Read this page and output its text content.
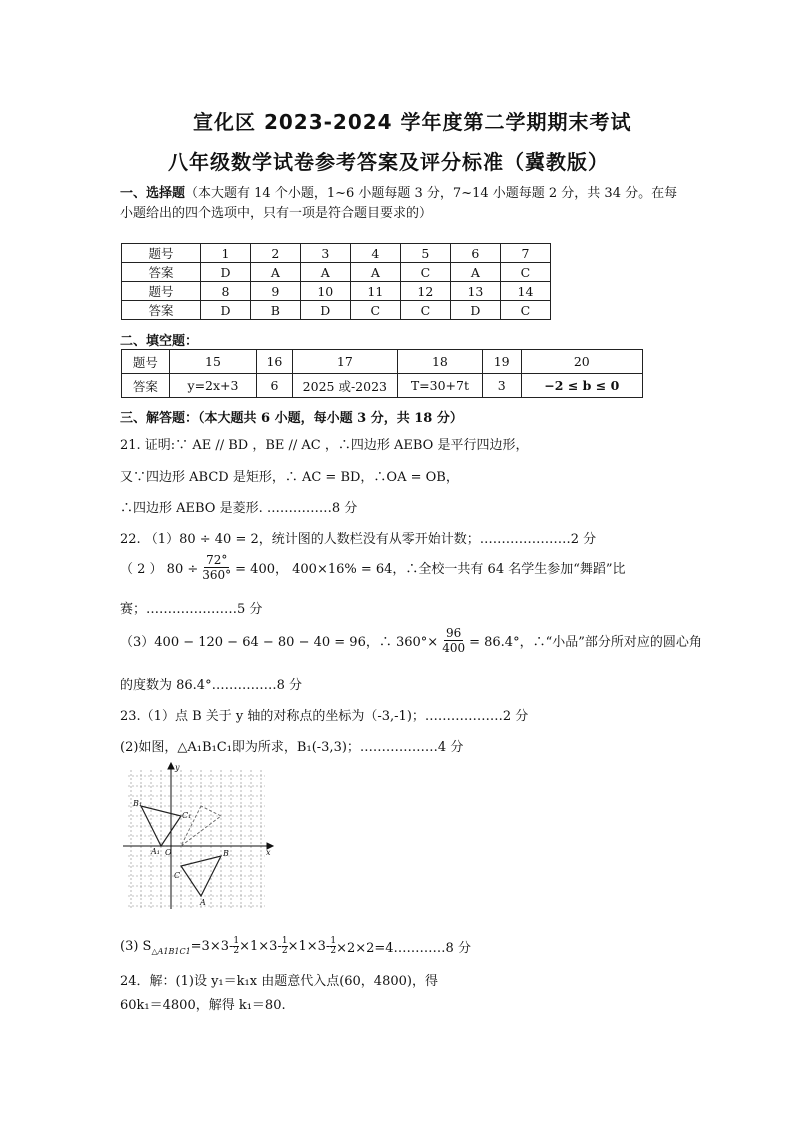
宣化区 2023-2024 学年度第二学期期末考试
八年级数学试卷参考答案及评分标准（冀教版）
一、选择题（本大题有 14 个小题，1~6 小题每题 3 分，7~14 小题每题 2 分，共 34 分。在每
小题给出的四个选项中，只有一项是符合题目要求的）
题号	1	2	3	4	5	6	7
答案	D	A	A	A	C	A	C
题号	8	9	10	11	12	13	14
答案	D	B	D	C	C	D	C
二、填空题：
题号	15	16	17	18	19	20
答案	y=2x+3	6	2025 或-2023	T=30+7t	3	−2 ≤ b ≤ 0
三、解答题：（本大题共 6 小题，每小题 3 分，共 18 分）
21. 证明:∵ AE // BD ，BE // AC ，∴四边形 AEBO 是平行四边形，
又∵四边形 ABCD 是矩形，∴ AC = BD，∴OA = OB，
∴四边形 AEBO 是菱形. ……………8 分
22. （1）80 ÷ 40 = 2，统计图的人数栏没有从零开始计数；…………………2 分
（ 2 ） $80 \div \frac{72^\circ}{360^\circ} = 400$， 400×16% = 64，∴全校一共有 64 名学生参加“舞蹈”比
赛；…………………5 分
（3）400 − 120 − 64 − 80 − 40 = 96，∴ $360^\circ\times \frac{96}{400} = 86.4^\circ$，∴“小品”部分所对应的圆心角
的度数为 86.4°……………8 分
23.（1）点 B 关于 y 轴的对称点的坐标为（-3,-1)；………………2 分
(2)如图，△A₁B₁C₁即为所求，B₁(-3,3)；………………4 分
y
x
O
B₁
C₁
A₁	B
C
A
(3) S △A1B1C1 $=3\times 3- \frac{1}{2} \times 1\times 3- \frac{1}{2} \times 1\times 3- \frac{1}{2}$ ×2×2=4…………8 分
24．解：(1)设 y₁＝k₁x 由题意代入点(60，4800)，得
60k₁＝4800，解得 k₁＝80.
